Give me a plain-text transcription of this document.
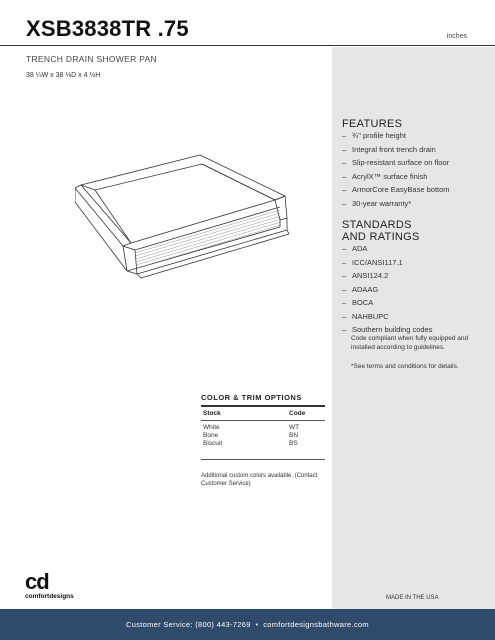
XSB3838TR .75	inches
TRENCH DRAIN SHOWER PAN
38 ¼W x 38 ⅛D x 4 ½H
FEATURES
– ¾" profile height
– Integral front trench drain
– Slip-resistant surface on floor
– AcrylX™ surface finish
– ArmorCore EasyBase bottom
– 30-year warranty*
STANDARDS
AND RATINGS
– ADA
– ICC/ANSI117.1
– ANSI124.2
– ADAAG
– BOCA
– NAHBUPC
– Southern building codes
Code compliant when fully equipped and installed according to guidelines.
*See terms and conditions for details.
COLOR & TRIM OPTIONS
Stock	Code
White	WT
Bone	BN
Biscuit	BS
Additional custom colors available. (Contact Customer Service)
cd
comfortdesigns	MADE IN THE USA
Customer Service: (800) 443-7269 • comfortdesignsbathware.com
